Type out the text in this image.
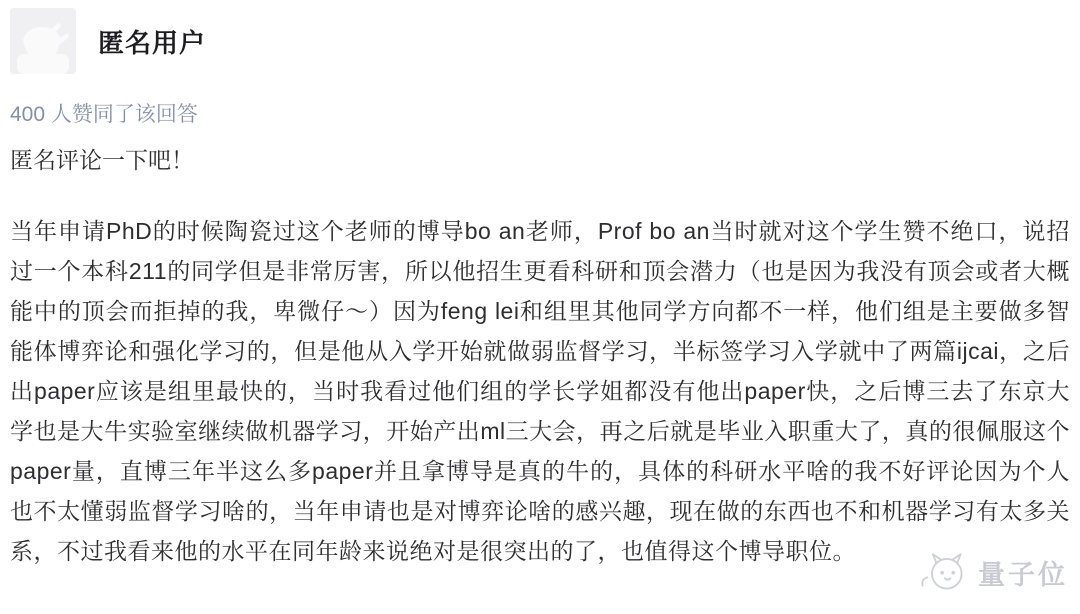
匿名用户
400 人赞同了该回答
匿名评论一下吧！
当年申请PhD的时候陶瓷过这个老师的博导bo an老师，Prof bo an当时就对这个学生赞不绝口，说招过一个本科211的同学但是非常厉害，所以他招生更看科研和顶会潜力（也是因为我没有顶会或者大概能中的顶会而拒掉的我，卑微仔～）因为feng lei和组里其他同学方向都不一样，他们组是主要做多智能体博弈论和强化学习的，但是他从入学开始就做弱监督学习，半标签学习入学就中了两篇ijcai，之后出paper应该是组里最快的，当时我看过他们组的学长学姐都没有他出paper快，之后博三去了东京大学也是大牛实验室继续做机器学习，开始产出ml三大会，再之后就是毕业入职重大了，真的很佩服这个paper量，直博三年半这么多paper并且拿博导是真的牛的，具体的科研水平啥的我不好评论因为个人也不太懂弱监督学习啥的，当年申请也是对博弈论啥的感兴趣，现在做的东西也不和机器学习有太多关系，不过我看来他的水平在同年龄来说绝对是很突出的了，也值得这个博导职位。
量子位
